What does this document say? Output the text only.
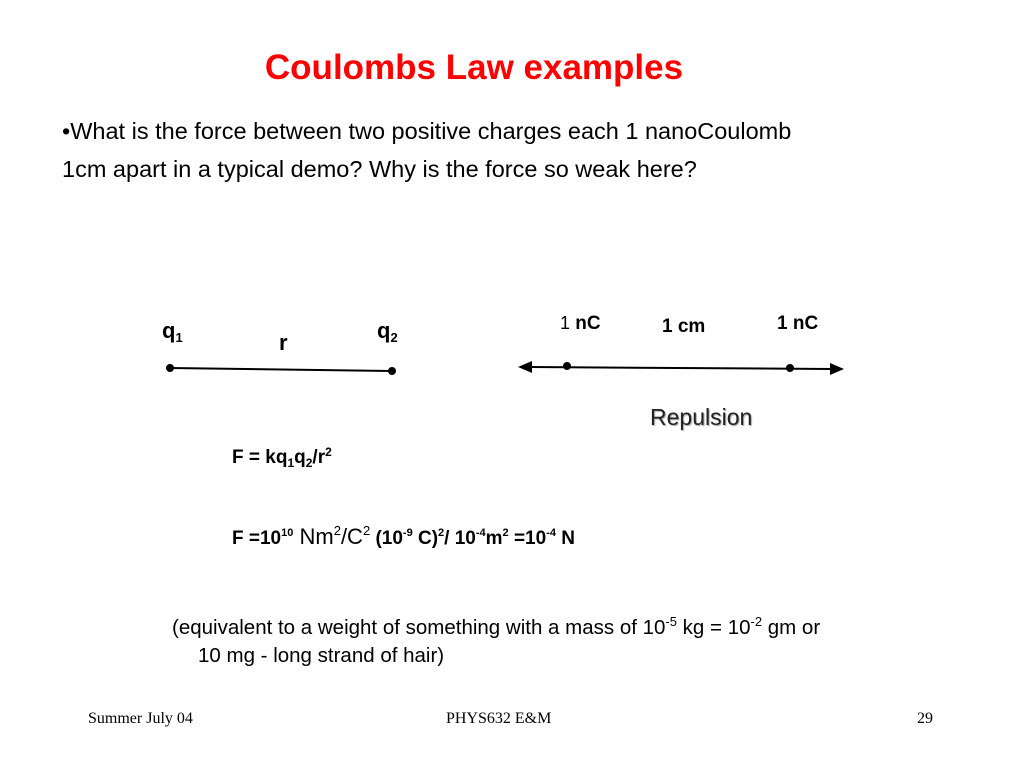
Coulombs Law examples
•What is the force between two positive charges each 1 nanoCoulomb
1cm apart in a typical demo? Why is the force so weak here?
$q_1$	$q_2$
r
1 nC	1 cm	1 nC
Repulsion
$F = kq_1q_2/r^2$
$F =10^{10}$ $Nm^2/C^2$ ($10^{-9}$ C)$^2$/ $10^{-4}m^2 =10^{-4}$ N
(equivalent to a weight of something with a mass of $10^{-5}$ kg = $10^{-2}$ gm or
10 mg - long strand of hair)
Summer July 04	PHYS632 E&M	29
